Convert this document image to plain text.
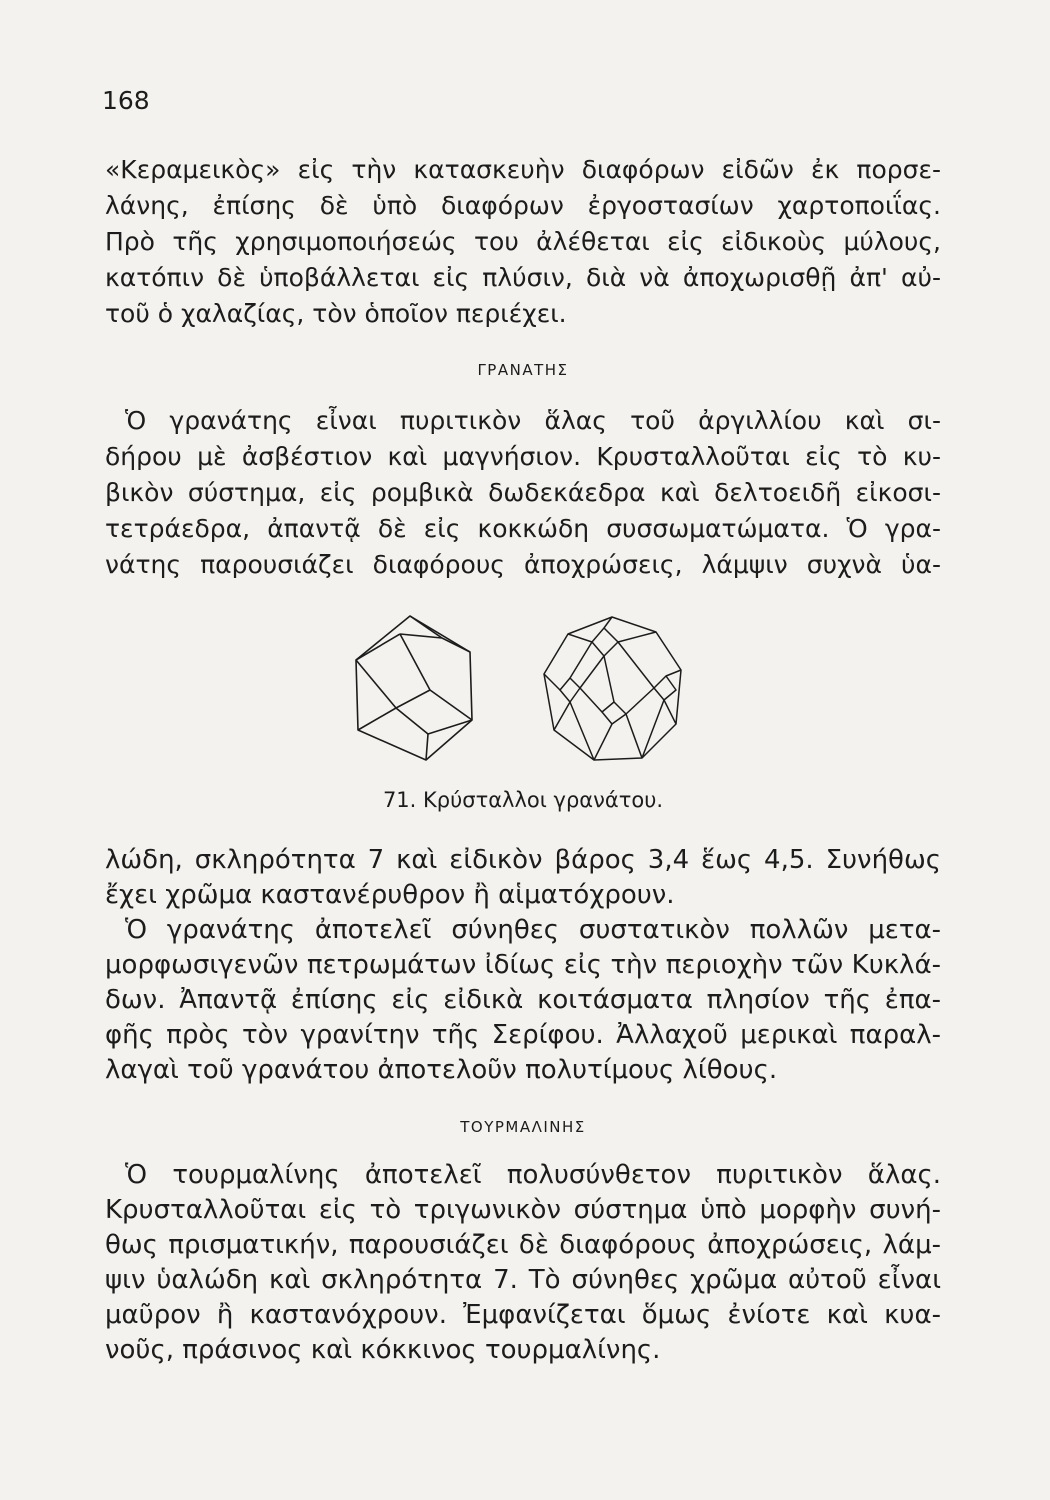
168
«Κεραμεικὸς» εἰς τὴν κατασκευὴν διαφόρων εἰδῶν ἐκ πορσε-
λάνης, ἐπίσης δὲ ὑπὸ διαφόρων ἐργοστασίων χαρτοποιΐας.
Πρὸ τῆς χρησιμοποιήσεώς του ἀλέθεται εἰς εἰδικοὺς μύλους,
κατόπιν δὲ ὑποβάλλεται εἰς πλύσιν, διὰ νὰ ἀποχωρισθῇ ἀπ' αὐ-
τοῦ ὁ χαλαζίας, τὸν ὁποῖον περιέχει.
ΓΡΑΝΑΤΗΣ
Ὁ γρανάτης εἶναι πυριτικὸν ἅλας τοῦ ἀργιλλίου καὶ σι-
δήρου μὲ ἀσβέστιον καὶ μαγνήσιον. Κρυσταλλοῦται εἰς τὸ κυ-
βικὸν σύστημα, εἰς ρομβικὰ δωδεκάεδρα καὶ δελτοειδῆ εἰκοσι-
τετράεδρα, ἀπαντᾷ δὲ εἰς κοκκώδη συσσωματώματα. Ὁ γρα-
νάτης παρουσιάζει διαφόρους ἀποχρώσεις, λάμψιν συχνὰ ὑα-
71. Κρύσταλλοι γρανάτου.
λώδη, σκληρότητα 7 καὶ εἰδικὸν βάρος 3,4 ἕως 4,5. Συνήθως
ἔχει χρῶμα καστανέρυθρον ἢ αἱματόχρουν.
Ὁ γρανάτης ἀποτελεῖ σύνηθες συστατικὸν πολλῶν μετα-
μορφωσιγενῶν πετρωμάτων ἰδίως εἰς τὴν περιοχὴν τῶν Κυκλά-
δων. Ἀπαντᾷ ἐπίσης εἰς εἰδικὰ κοιτάσματα πλησίον τῆς ἐπα-
φῆς πρὸς τὸν γρανίτην τῆς Σερίφου. Ἀλλαχοῦ μερικαὶ παραλ-
λαγαὶ τοῦ γρανάτου ἀποτελοῦν πολυτίμους λίθους.
ΤΟΥΡΜΑΛΙΝΗΣ
Ὁ τουρμαλίνης ἀποτελεῖ πολυσύνθετον πυριτικὸν ἅλας.
Κρυσταλλοῦται εἰς τὸ τριγωνικὸν σύστημα ὑπὸ μορφὴν συνή-
θως πρισματικήν, παρουσιάζει δὲ διαφόρους ἀποχρώσεις, λάμ-
ψιν ὑαλώδη καὶ σκληρότητα 7. Τὸ σύνηθες χρῶμα αὐτοῦ εἶναι
μαῦρον ἢ καστανόχρουν. Ἐμφανίζεται ὅμως ἐνίοτε καὶ κυα-
νοῦς, πράσινος καὶ κόκκινος τουρμαλίνης.
